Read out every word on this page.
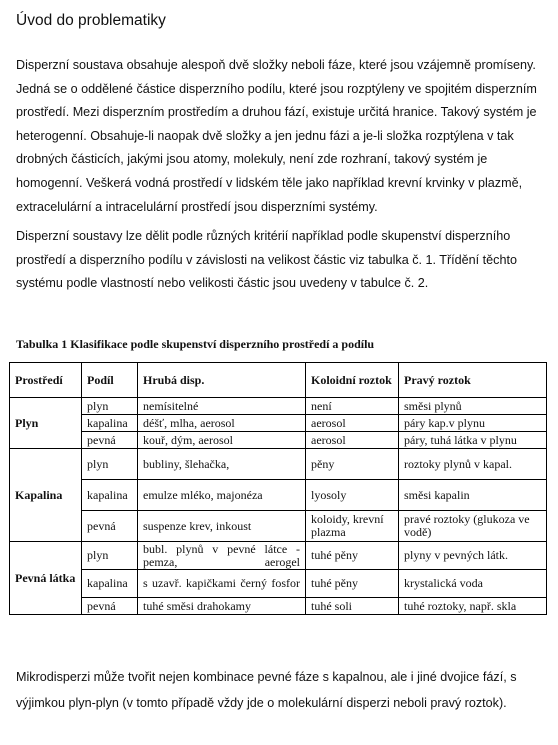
Úvod do problematiky

Disperzní soustava obsahuje alespoň dvě složky neboli fáze, které jsou vzájemně promíseny. Jedná se o oddělené částice disperzního podílu, které jsou rozptýleny ve spojitém disperzním prostředí. Mezi disperzním prostředím a druhou fází, existuje určitá hranice. Takový systém je heterogenní. Obsahuje-li naopak dvě složky a jen jednu fázi a je-li složka rozptýlena v tak drobných částicích, jakými jsou atomy, molekuly, není zde rozhraní, takový systém je homogenní. Veškerá vodná prostředí v lidském těle jako například krevní krvinky v plazmě, extracelulární a intracelulární prostředí jsou disperzními systémy.

Disperzní soustavy lze dělit podle různých kritérií například podle skupenství disperzního prostředí a disperzního podílu v závislosti na velikost částic viz tabulka č. 1. Třídění těchto systému podle vlastností nebo velikosti částic jsou uvedeny v tabulce č. 2.

Tabulka 1 Klasifikace podle skupenství disperzního prostředí a podílu
Prostředí	Podíl	Hrubá disp.	Koloidní roztok	Pravý roztok
Plyn	plyn	nemísitelné	není	směsi plynů
	kapalina	déšť, mlha, aerosol	aerosol	páry kap.v plynu
	pevná	kouř, dým, aerosol	aerosol	páry, tuhá látka v plynu
Kapalina	plyn	bubliny, šlehačka,	pěny	roztoky plynů v kapal.
	kapalina	emulze mléko, majonéza	lyosoly	směsi kapalin
	pevná	suspenze krev, inkoust	koloidy, krevní plazma	pravé roztoky (glukoza ve vodě)
Pevná látka	plyn	bubl. plynů v pevné látce - pemza, aerogel	tuhé pěny	plyny v pevných látk.
	kapalina	s uzavř. kapičkami černý fosfor	tuhé pěny	krystalická voda
	pevná	tuhé směsi drahokamy	tuhé soli	tuhé roztoky, např. skla

Mikrodisperzi může tvořit nejen kombinace pevné fáze s kapalnou, ale i jiné dvojice fází, s výjimkou plyn-plyn (v tomto případě vždy jde o molekulární disperzi neboli pravý roztok).
